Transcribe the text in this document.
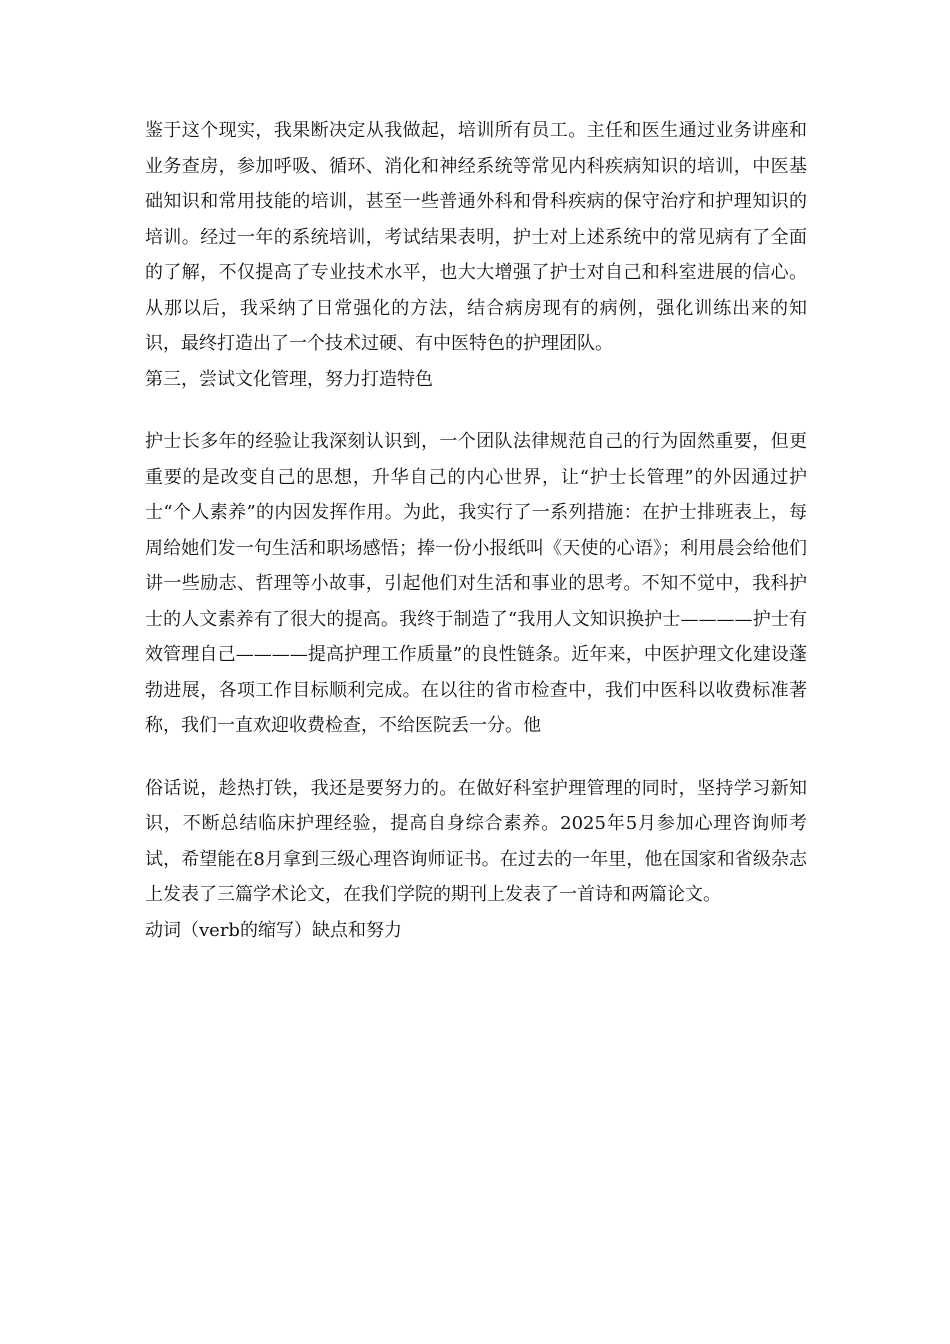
鉴于这个现实，我果断决定从我做起，培训所有员工。主任和医生通过业务讲座和业务查房，参加呼吸、循环、消化和神经系统等常见内科疾病知识的培训，中医基础知识和常用技能的培训，甚至一些普通外科和骨科疾病的保守治疗和护理知识的培训。经过一年的系统培训，考试结果表明，护士对上述系统中的常见病有了全面的了解，不仅提高了专业技术水平，也大大增强了护士对自己和科室进展的信心。从那以后，我采纳了日常强化的方法，结合病房现有的病例，强化训练出来的知识，最终打造出了一个技术过硬、有中医特色的护理团队。

第三，尝试文化管理，努力打造特色

护士长多年的经验让我深刻认识到，一个团队法律规范自己的行为固然重要，但更重要的是改变自己的思想，升华自己的内心世界，让“护士长管理”的外因通过护士“个人素养”的内因发挥作用。为此，我实行了一系列措施：在护士排班表上，每周给她们发一句生活和职场感悟；捧一份小报纸叫《天使的心语》；利用晨会给他们讲一些励志、哲理等小故事，引起他们对生活和事业的思考。不知不觉中，我科护士的人文素养有了很大的提高。我终于制造了“我用人文知识换护士————护士有效管理自己————提高护理工作质量”的良性链条。近年来，中医护理文化建设蓬勃进展，各项工作目标顺利完成。在以往的省市检查中，我们中医科以收费标准著称，我们一直欢迎收费检查，不给医院丢一分。他

俗话说，趁热打铁，我还是要努力的。在做好科室护理管理的同时，坚持学习新知识，不断总结临床护理经验，提高自身综合素养。2025年5月参加心理咨询师考试，希望能在8月拿到三级心理咨询师证书。在过去的一年里，他在国家和省级杂志上发表了三篇学术论文，在我们学院的期刊上发表了一首诗和两篇论文。

动词（verb的缩写）缺点和努力
